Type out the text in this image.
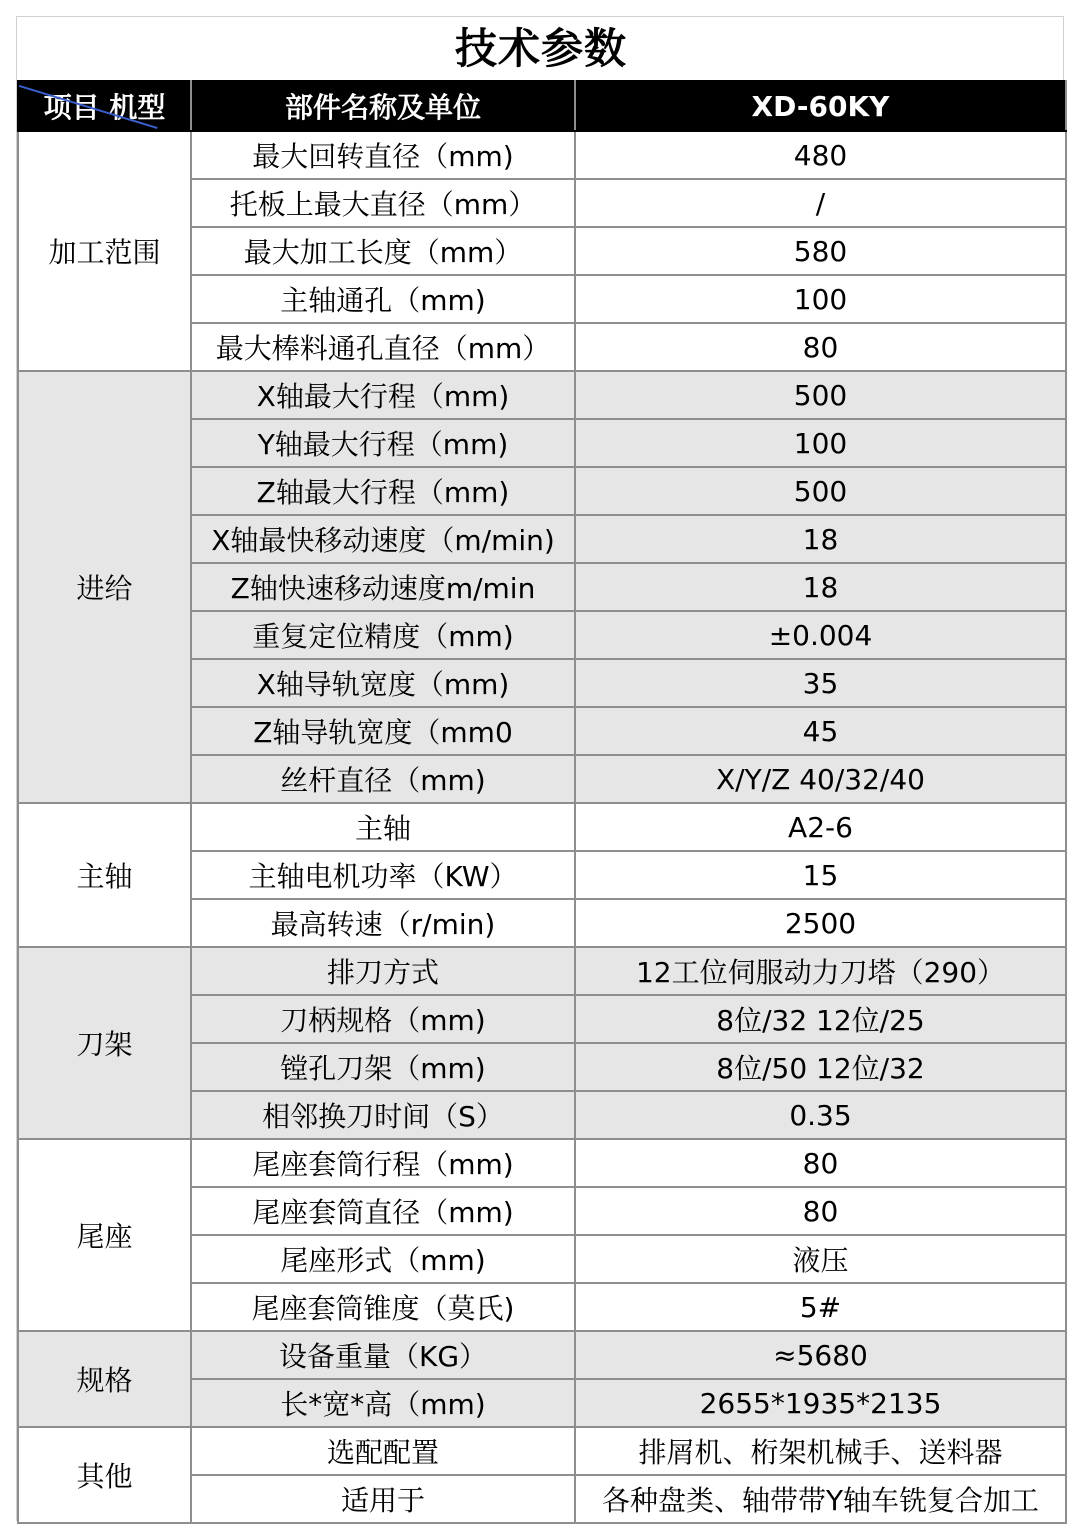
技术参数
项目 机型	部件名称及单位	XD-60KY
加工范围	最大回转直径（mm)	480
	托板上最大直径（mm）	/
	最大加工长度（mm）	580
	主轴通孔（mm)	100
	最大棒料通孔直径（mm）	80
进给	X轴最大行程（mm)	500
	Y轴最大行程（mm)	100
	Z轴最大行程（mm)	500
	X轴最快移动速度（m/min)	18
	Z轴快速移动速度m/min	18
	重复定位精度（mm)	±0.004
	X轴导轨宽度（mm)	35
	Z轴导轨宽度（mm0	45
	丝杆直径（mm)	X/Y/Z 40/32/40
主轴	主轴	A2-6
	主轴电机功率（KW）	15
	最高转速（r/min)	2500
刀架	排刀方式	12工位伺服动力刀塔（290）
	刀柄规格（mm)	8位/32 12位/25
	镗孔刀架（mm)	8位/50 12位/32
	相邻换刀时间（S）	0.35
尾座	尾座套筒行程（mm)	80
	尾座套筒直径（mm)	80
	尾座形式（mm)	液压
	尾座套筒锥度（莫氏)	5#
规格	设备重量（KG）	≈5680
	长*宽*高（mm)	2655*1935*2135
其他	选配配置	排屑机、桁架机械手、送料器
	适用于	各种盘类、轴带带Y轴车铣复合加工
